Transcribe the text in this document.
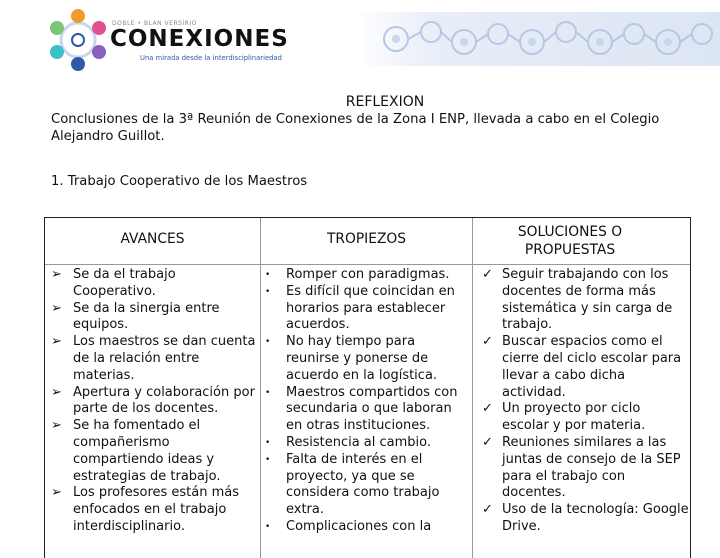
DOBLE • BLAN VERSÍRIO
CONEXIONES
Una mirada desde la interdisciplinariedad
REFLEXION
Conclusiones de la 3ª Reunión de Conexiones de la Zona I ENP, llevada a cabo en el Colegio Alejandro Guillot.
1. Trabajo Cooperativo de los Maestros
AVANCES	TROPIEZOS	SOLUCIONES O PROPUESTAS
➢ Se da el trabajo Cooperativo.
➢ Se da la sinergia entre equipos.
➢ Los maestros se dan cuenta de la relación entre materias.
➢ Apertura y colaboración por parte de los docentes.
➢ Se ha fomentado el compañerismo compartiendo ideas y estrategias de trabajo.
➢ Los profesores están más enfocados en el trabajo interdisciplinario.
• Romper con paradigmas.
• Es difícil que coincidan en horarios para establecer acuerdos.
• No hay tiempo para reunirse y ponerse de acuerdo en la logística.
• Maestros compartidos con secundaria o que laboran en otras instituciones.
• Resistencia al cambio.
• Falta de interés en el proyecto, ya que se considera como trabajo extra.
• Complicaciones con la
✓ Seguir trabajando con los docentes de forma más sistemática y sin carga de trabajo.
✓ Buscar espacios como el cierre del ciclo escolar para llevar a cabo dicha actividad.
✓ Un proyecto por ciclo escolar y por materia.
✓ Reuniones similares a las juntas de consejo de la SEP para el trabajo con docentes.
✓ Uso de la tecnología: Google Drive.
